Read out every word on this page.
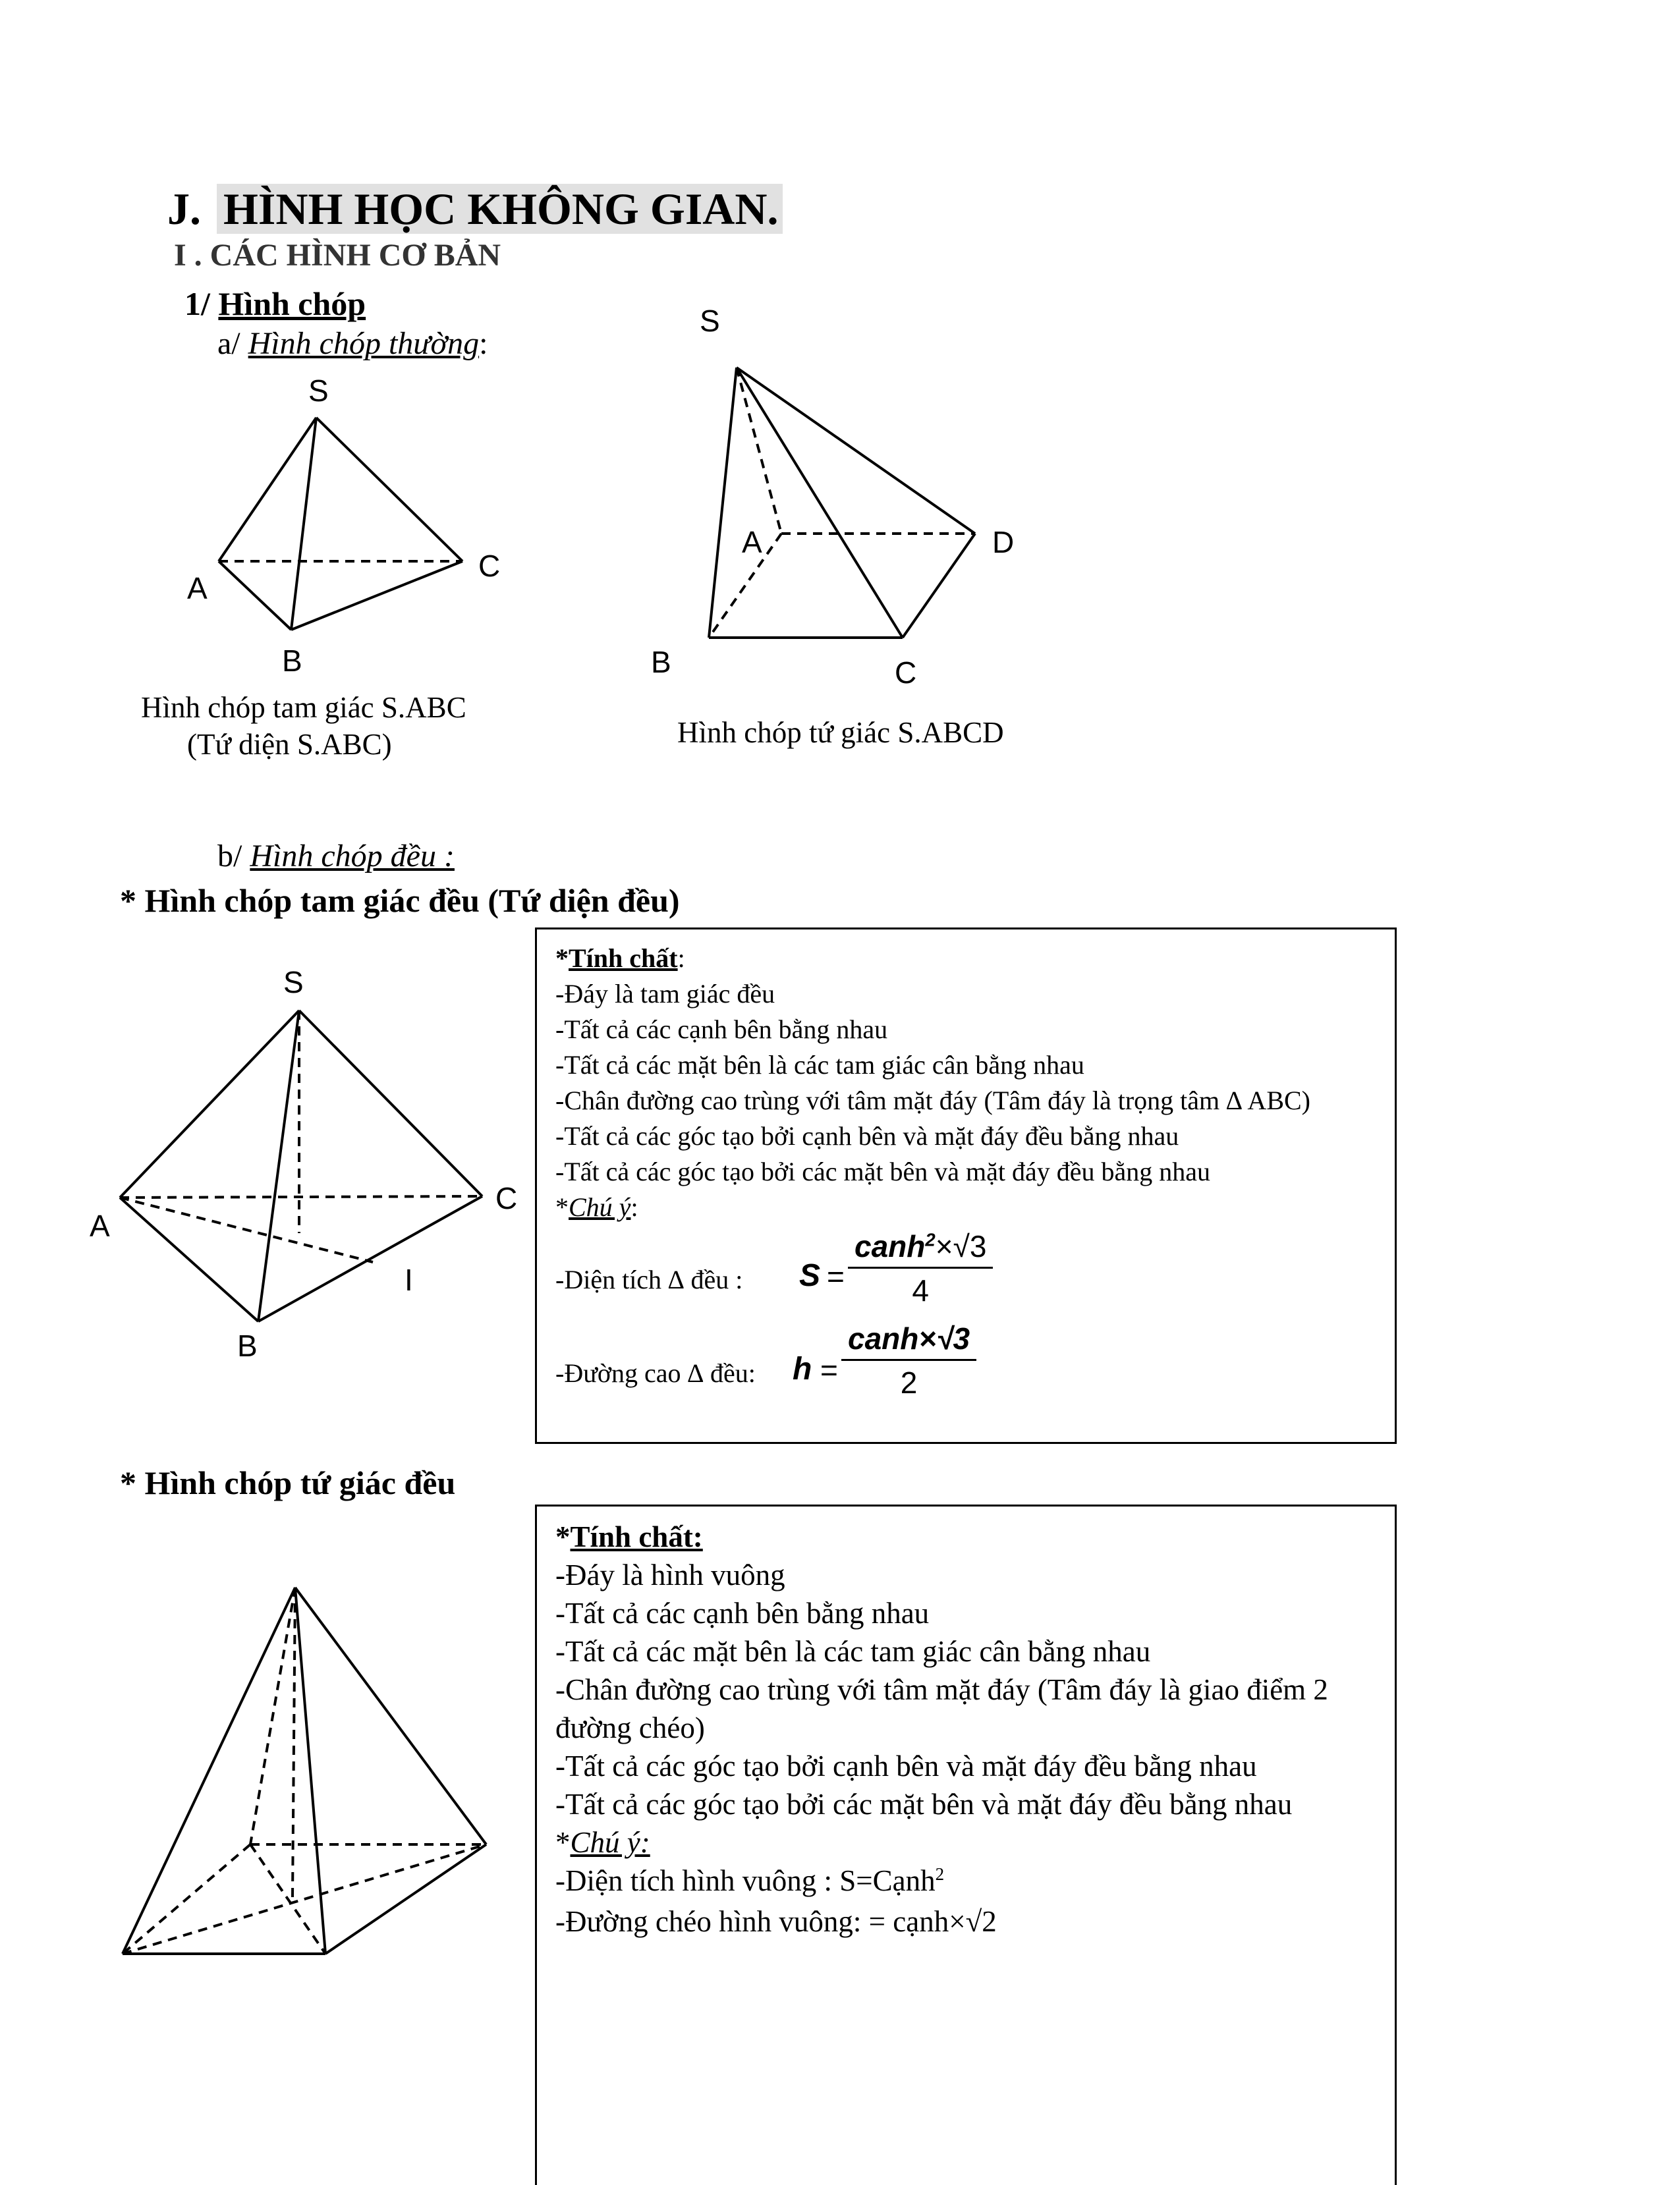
J. HÌNH HỌC KHÔNG GIAN.
I . CÁC HÌNH CƠ BẢN
1/ Hình chóp
a/ Hình chóp thường:
S
A
B
C
Hình chóp tam giác S.ABC
(Tứ diện S.ABC)
S
A
B	C
D
Hình chóp tứ giác S.ABCD
b/ Hình chóp đều :
* Hình chóp tam giác đều (Tứ diện đều)
S
A
B
C
I
*Tính chất:
-Đáy là tam giác đều
-Tất cả các cạnh bên bằng nhau
-Tất cả các mặt bên là các tam giác cân bằng nhau
-Chân đường cao trùng với tâm mặt đáy (Tâm đáy là trọng tâm ∆ ABC)
-Tất cả các góc tạo bởi cạnh bên và mặt đáy đều bằng nhau
-Tất cả các góc tạo bởi các mặt bên và mặt đáy đều bằng nhau
*Chú ý:
-Diện tích ∆ đều : S =
canh$^2$×√3
4
-Đường cao ∆ đều: h =
canh×√3
2
* Hình chóp tứ giác đều
*Tính chất:
-Đáy là hình vuông
-Tất cả các cạnh bên bằng nhau
-Tất cả các mặt bên là các tam giác cân bằng nhau
-Chân đường cao trùng với tâm mặt đáy (Tâm đáy là giao điểm 2
đường chéo)
-Tất cả các góc tạo bởi cạnh bên và mặt đáy đều bằng nhau
-Tất cả các góc tạo bởi các mặt bên và mặt đáy đều bằng nhau
*Chú ý:
-Diện tích hình vuông : S=Cạnh$^2$
-Đường chéo hình vuông: = cạnh×√2
